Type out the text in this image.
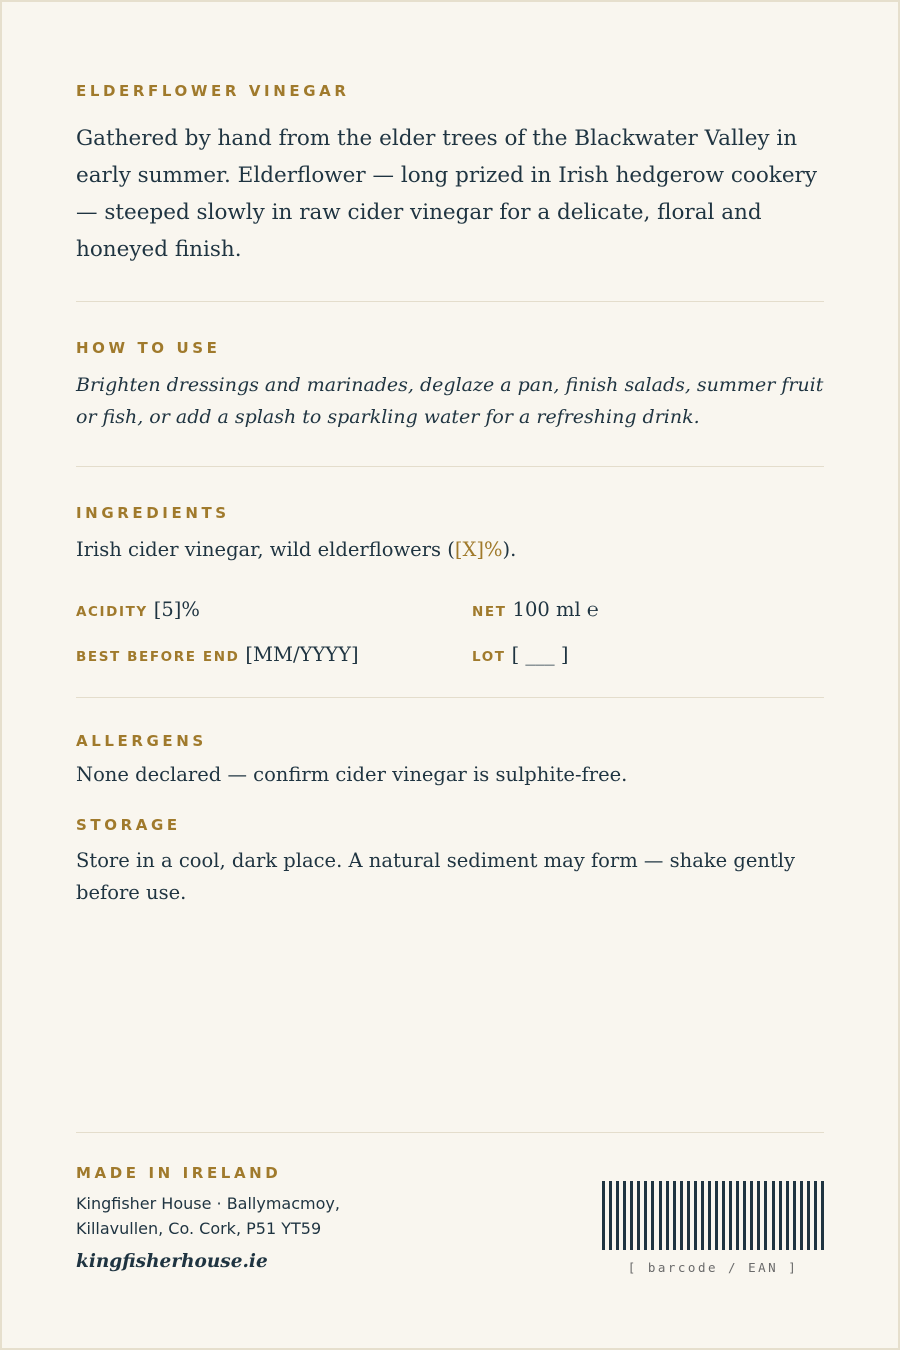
ELDERFLOWER VINEGAR

Gathered by hand from the elder trees of the Blackwater Valley in early summer. Elderflower — long prized in Irish hedgerow cookery — steeped slowly in raw cider vinegar for a delicate, floral and honeyed finish.

HOW TO USE

Brighten dressings and marinades, deglaze a pan, finish salads, summer fruit or fish, or add a splash to sparkling water for a refreshing drink.

INGREDIENTS

Irish cider vinegar, wild elderflowers ([X]%).

ACIDITY [5]%	NET 100 ml ℮
BEST BEFORE END [MM/YYYY]	LOT [ ___ ]
ALLERGENS

None declared — confirm cider vinegar is sulphite-free.

STORAGE

Store in a cool, dark place. A natural sediment may form — shake gently before use.

MADE IN IRELAND

Kingfisher House · Ballymacmoy,
Killavullen, Co. Cork, P51 YT59

kingfisherhouse.ie	[ barcode / EAN ]
